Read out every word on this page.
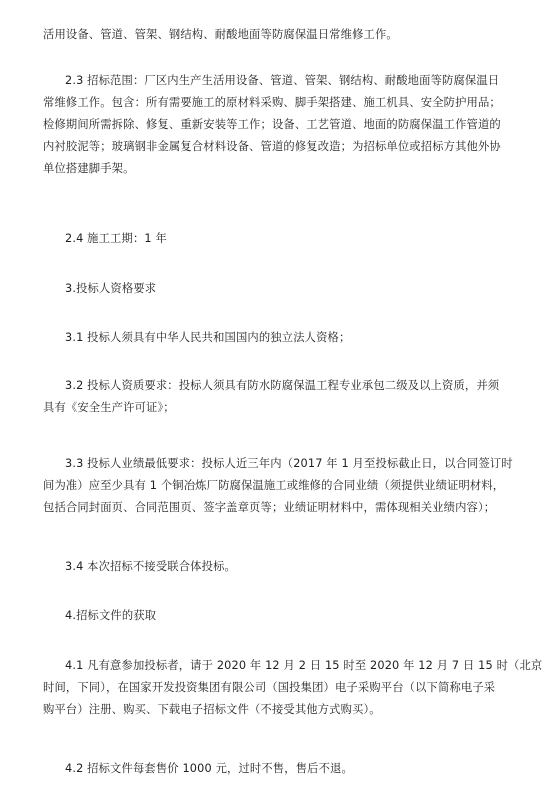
活用设备、管道、管架、钢结构、耐酸地面等防腐保温日常维修工作。

2.3 招标范围：厂区内生产生活用设备、管道、管架、钢结构、耐酸地面等防腐保温日
常维修工作。包含：所有需要施工的原材料采购、脚手架搭建、施工机具、安全防护用品；
检修期间所需拆除、修复、重新安装等工作；设备、工艺管道、地面的防腐保温工作管道的
内衬胶泥等；玻璃钢非金属复合材料设备、管道的修复改造；为招标单位或招标方其他外协
单位搭建脚手架。

2.4 施工工期：1 年

3.投标人资格要求

3.1 投标人须具有中华人民共和国国内的独立法人资格；

3.2 投标人资质要求：投标人须具有防水防腐保温工程专业承包二级及以上资质，并须
具有《安全生产许可证》；

3.3 投标人业绩最低要求：投标人近三年内（2017 年 1 月至投标截止日，以合同签订时
间为准）应至少具有 1 个铜冶炼厂防腐保温施工或维修的合同业绩（须提供业绩证明材料，
包括合同封面页、合同范围页、签字盖章页等；业绩证明材料中，需体现相关业绩内容）；

3.4 本次招标不接受联合体投标。

4.招标文件的获取

4.1 凡有意参加投标者，请于 2020 年 12 月 2 日 15 时至 2020 年 12 月 7 日 15 时（北京
时间，下同），在国家开发投资集团有限公司（国投集团）电子采购平台（以下简称电子采
购平台）注册、购买、下载电子招标文件（不接受其他方式购买）。

4.2 招标文件每套售价 1000 元，过时不售，售后不退。
